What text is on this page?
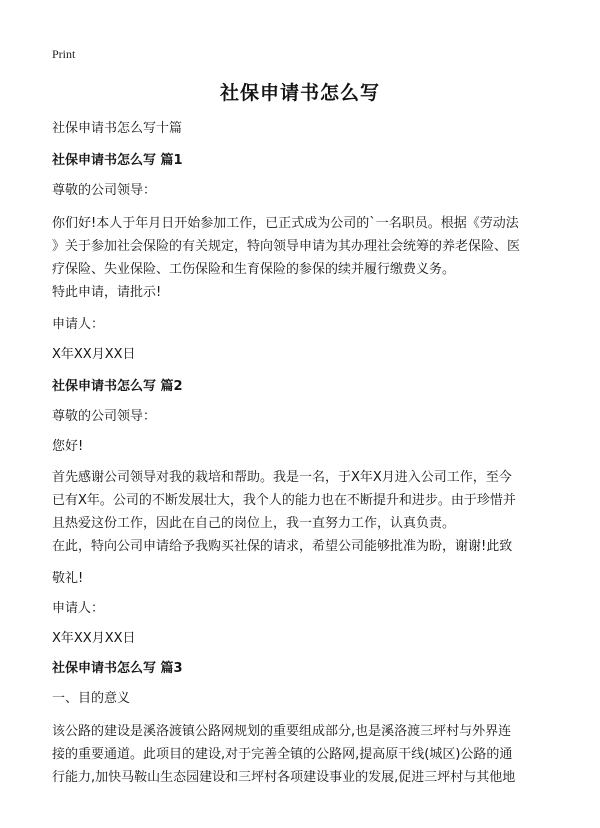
Print
社保申请书怎么写
社保申请书怎么写十篇
社保申请书怎么写 篇1
尊敬的公司领导：
你们好!本人于年月日开始参加工作，已正式成为公司的`一名职员。根据《劳动法
》关于参加社会保险的有关规定，特向领导申请为其办理社会统筹的养老保险、医
疗保险、失业保险、工伤保险和生育保险的参保的续并履行缴费义务。
特此申请，请批示!
申请人：
X年XX月XX日
社保申请书怎么写 篇2
尊敬的公司领导：
您好!
首先感谢公司领导对我的栽培和帮助。我是一名，于X年X月进入公司工作，至今
已有X年。公司的不断发展壮大，我个人的能力也在不断提升和进步。由于珍惜并
且热爱这份工作，因此在自己的岗位上，我一直努力工作，认真负责。
在此，特向公司申请给予我购买社保的请求，希望公司能够批准为盼，谢谢!此致
敬礼!
申请人：
X年XX月XX日
社保申请书怎么写 篇3
一、目的意义
该公路的建设是溪洛渡镇公路网规划的重要组成部分,也是溪洛渡三坪村与外界连
接的重要通道。此项目的建设,对于完善全镇的公路网,提高原干线(城区)公路的通
行能力,加快马鞍山生态园建设和三坪村各项建设事业的发展,促进三坪村与其他地
